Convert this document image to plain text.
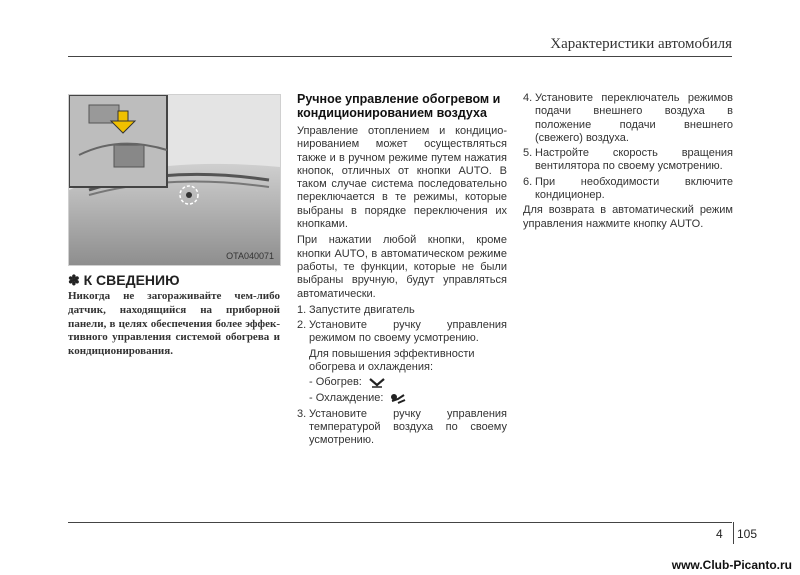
Характеристики автомобиля
OTA040071
✽ К СВЕДЕНИЮ
Никогда не загораживайте чем-либо датчик, находящийся на приборной панели, в целях обеспечения более эффек-тивного управления системой обогрева и кондиционирования.
Ручное управление обогревом и кондиционированием воздуха

Управление отоплением и кондицио-нированием может осуществляться также и в ручном режиме путем нажатия кнопок, отличных от кнопки AUTO. В таком случае система последовательно переключается в те режимы, которые выбраны в порядке переключения их кнопками.

При нажатии любой кнопки, кроме кнопки AUTO, в автоматическом режиме работы, те функции, которые не были выбраны вручную, будут управляться автоматически.

1. Запустите двигатель
2. Установите ручку управления режимом по своему усмотрению.
Для повышения эффективности обогрева и охлаждения:
- Обогрев:
- Охлаждение:
3. Установите ручку управления температурой воздуха по своему усмотрению.
4. Установите переключатель режимов подачи внешнего воздуха в положение подачи внешнего (свежего) воздуха.
5. Настройте скорость вращения вентилятора по своему усмотрению.
6. При необходимости включите кондиционер.

Для возврата в автоматический режим управления нажмите кнопку AUTO.

4 105
www.Club-Picanto.ru
